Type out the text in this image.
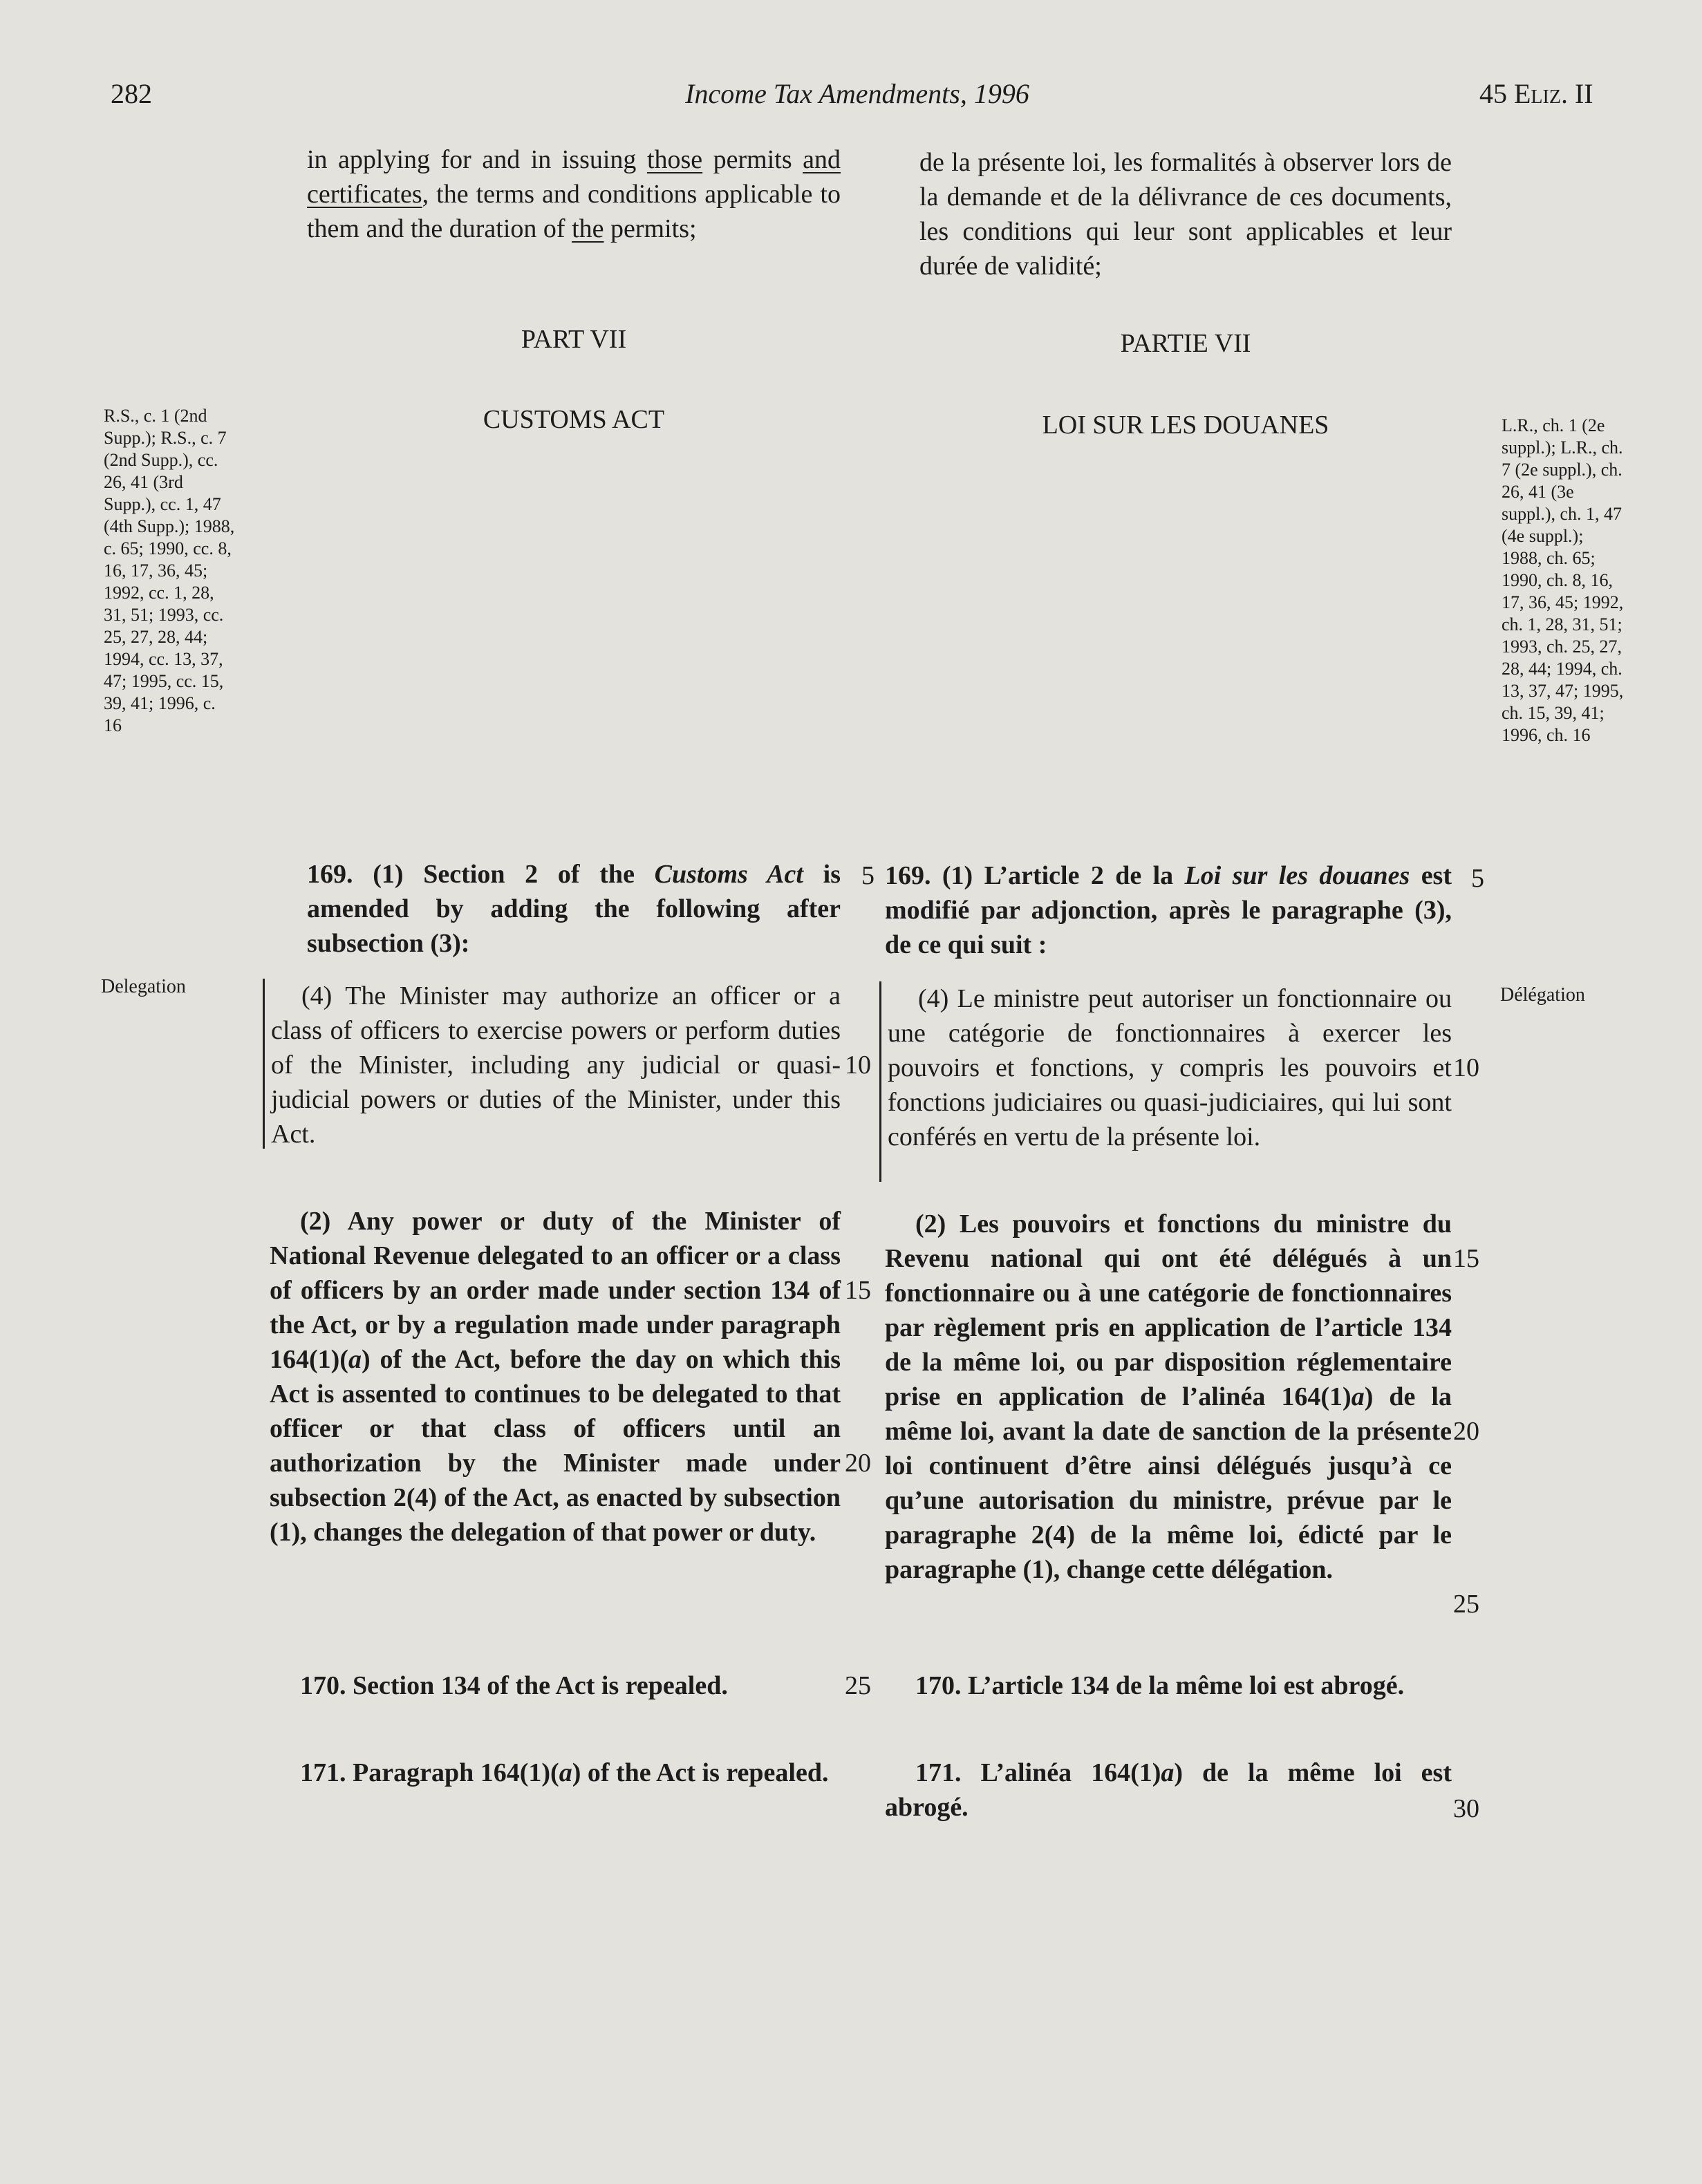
282	Income Tax Amendments, 1996	45 Eliz. II
in applying for and in issuing those permits and certificates, the terms and conditions applicable to them and the duration of the permits;
de la présente loi, les formalités à observer lors de la demande et de la délivrance de ces documents, les conditions qui leur sont applicables et leur durée de validité;
PART VII	PARTIE VII
CUSTOMS ACT	LOI SUR LES DOUANES
R.S., c. 1 (2nd Supp.); R.S., c. 7 (2nd Supp.), cc. 26, 41 (3rd Supp.), cc. 1, 47 (4th Supp.); 1988, c. 65; 1990, cc. 8, 16, 17, 36, 45; 1992, cc. 1, 28, 31, 51; 1993, cc. 25, 27, 28, 44; 1994, cc. 13, 37, 47; 1995, cc. 15, 39, 41; 1996, c. 16
L.R., ch. 1 (2e suppl.); L.R., ch. 7 (2e suppl.), ch. 26, 41 (3e suppl.), ch. 1, 47 (4e suppl.); 1988, ch. 65; 1990, ch. 8, 16, 17, 36, 45; 1992, ch. 1, 28, 31, 51; 1993, ch. 25, 27, 28, 44; 1994, ch. 13, 37, 47; 1995, ch. 15, 39, 41; 1996, ch. 16
169. (1) Section 2 of the Customs Act is amended by adding the following after subsection (3):
169. (1) L’article 2 de la Loi sur les douanes est modifié par adjonction, après le paragraphe (3), de ce qui suit :
Delegation	Délégation
(4) The Minister may authorize an officer or a class of officers to exercise powers or perform duties of the Minister, including any judicial or quasi-judicial powers or duties of the Minister, under this Act.
(4) Le ministre peut autoriser un fonctionnaire ou une catégorie de fonctionnaires à exercer les pouvoirs et fonctions, y compris les pouvoirs et fonctions judiciaires ou quasi-judiciaires, qui lui sont conférés en vertu de la présente loi.
(2) Any power or duty of the Minister of National Revenue delegated to an officer or a class of officers by an order made under section 134 of the Act, or by a regulation made under paragraph 164(1)(a) of the Act, before the day on which this Act is assented to continues to be delegated to that officer or that class of officers until an authorization by the Minister made under subsection 2(4) of the Act, as enacted by subsection (1), changes the delegation of that power or duty.
(2) Les pouvoirs et fonctions du ministre du Revenu national qui ont été délégués à un fonctionnaire ou à une catégorie de fonctionnaires par règlement pris en application de l’article 134 de la même loi, ou par disposition réglementaire prise en application de l’alinéa 164(1)a) de la même loi, avant la date de sanction de la présente loi continuent d’être ainsi délégués jusqu’à ce qu’une autorisation du ministre, prévue par le paragraphe 2(4) de la même loi, édicté par le paragraphe (1), change cette délégation.
170. Section 134 of the Act is repealed.	170. L’article 134 de la même loi est abrogé.
171. Paragraph 164(1)(a) of the Act is repealed.	171. L’alinéa 164(1)a) de la même loi est abrogé.
5
10
15
20
25
5
10
15
20
25
30
